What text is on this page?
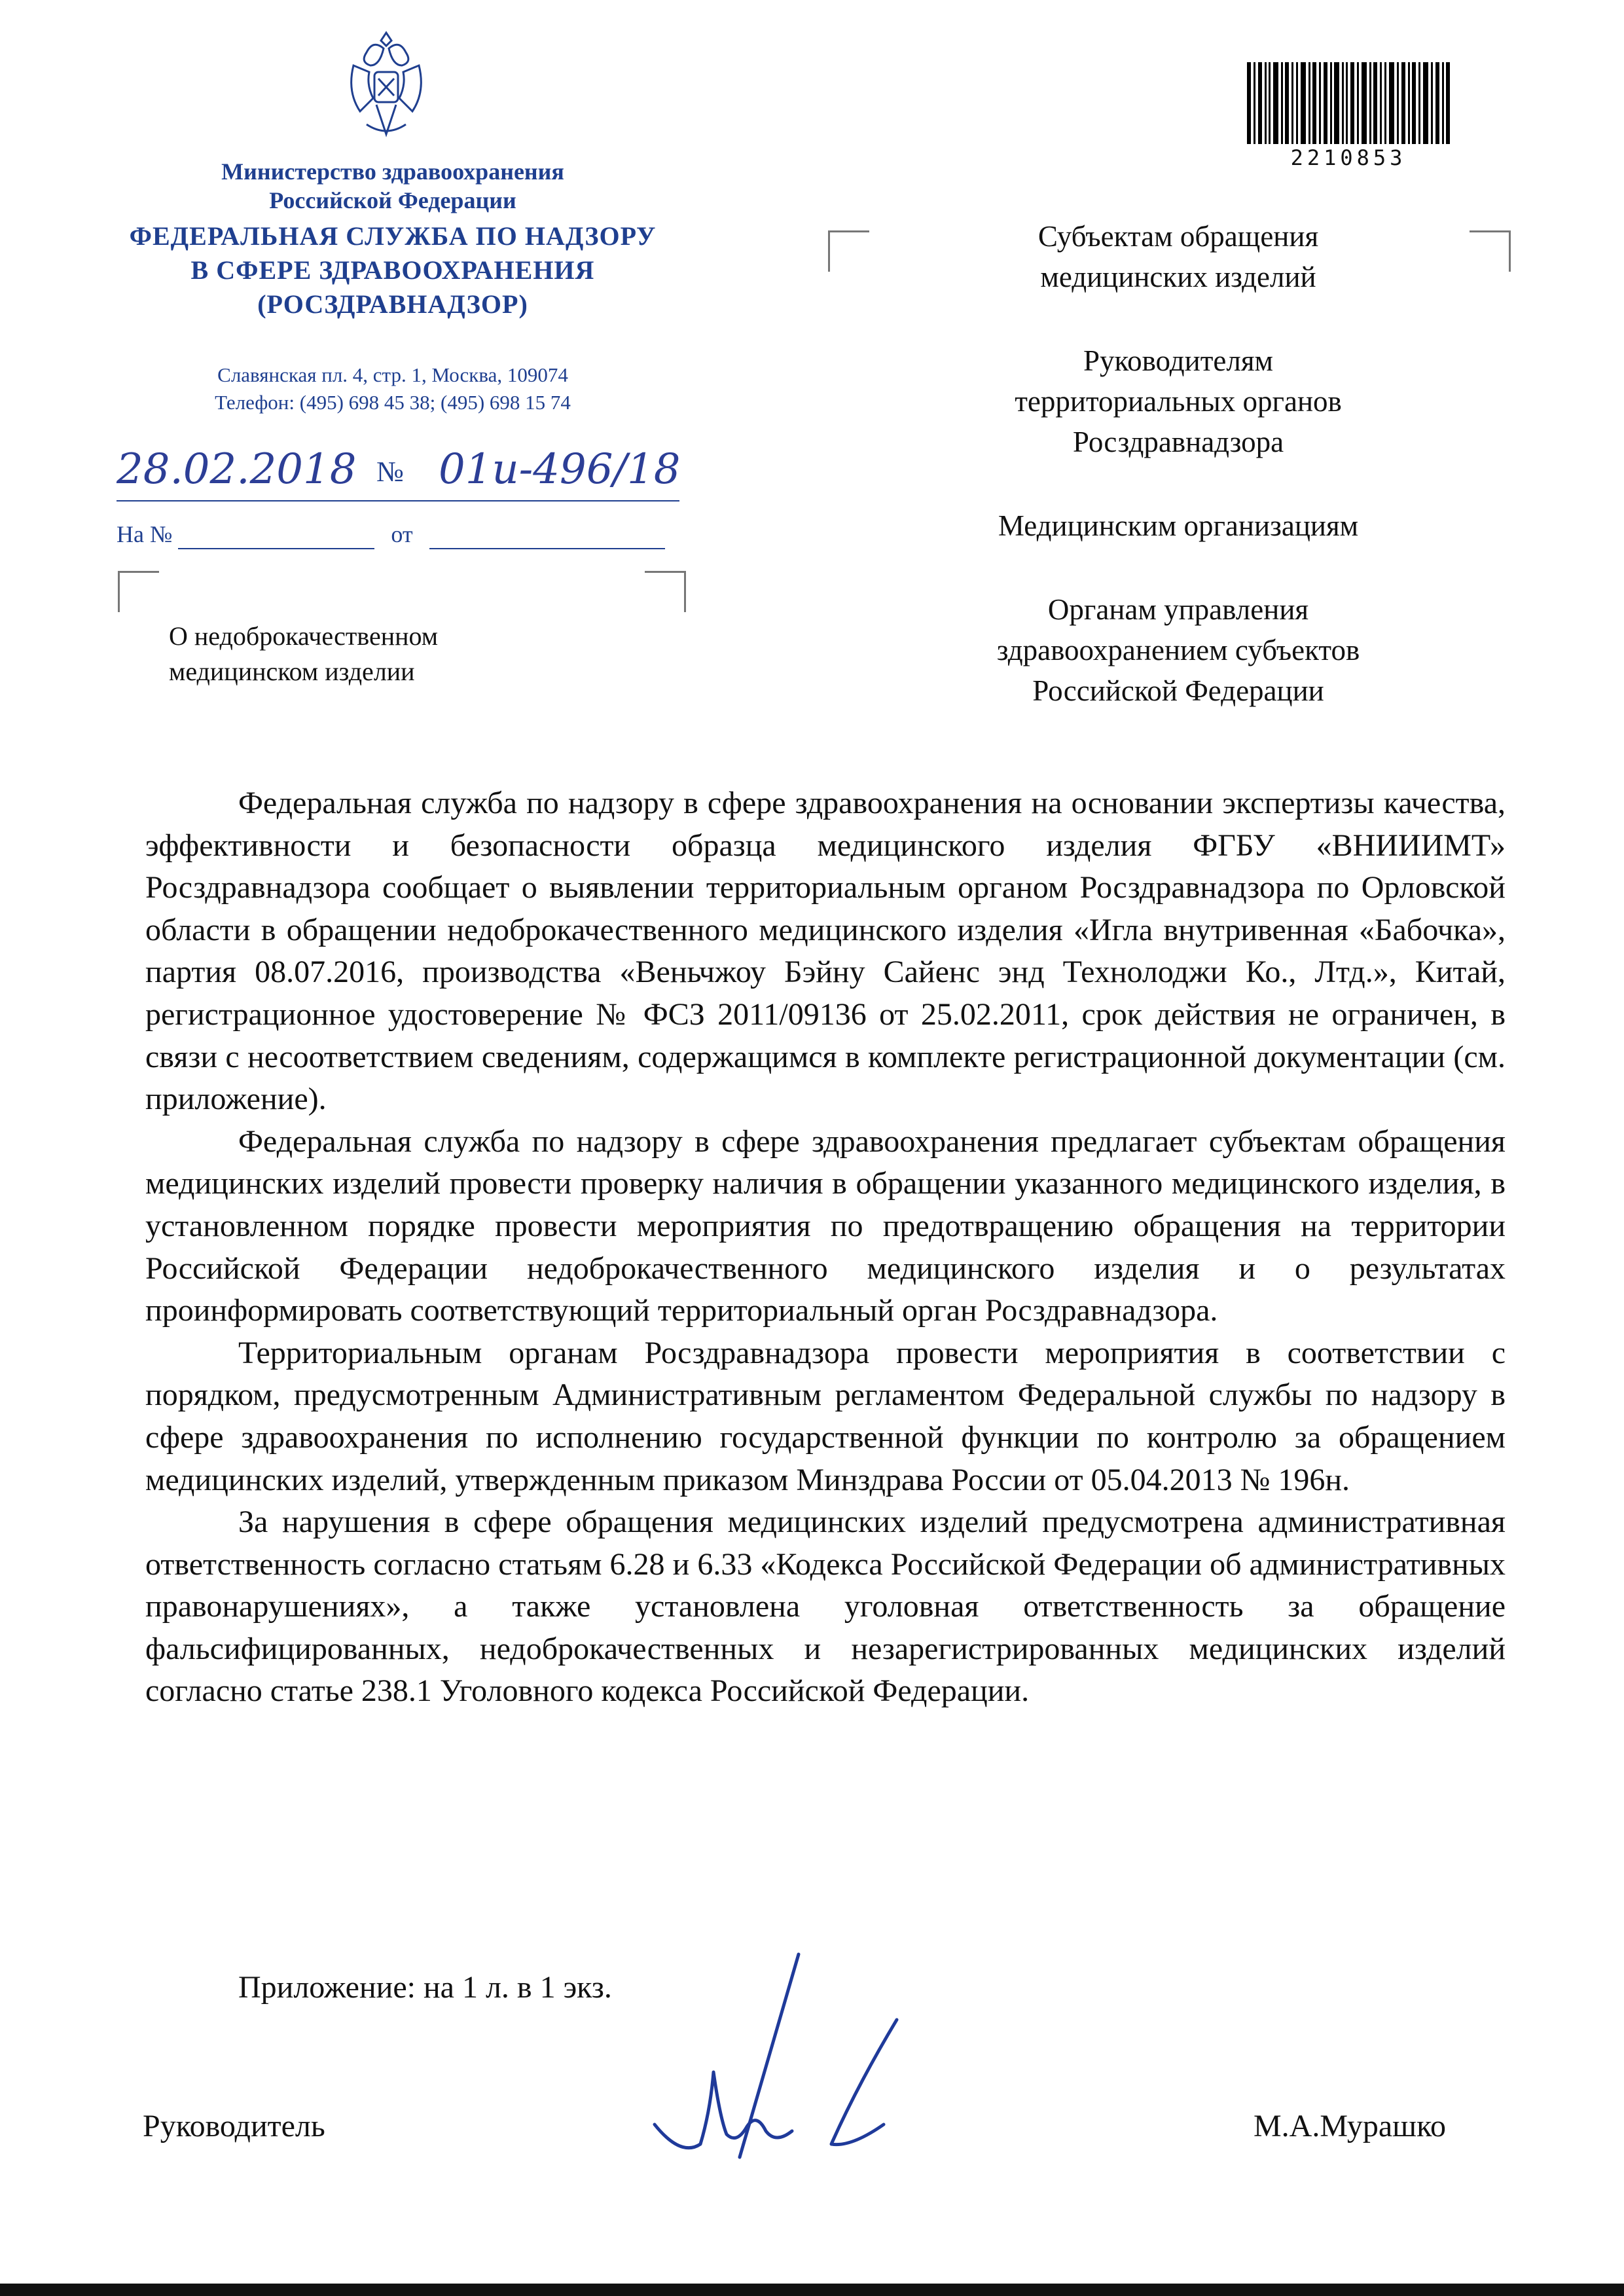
Министерство здравоохранения
Российской Федерации
ФЕДЕРАЛЬНАЯ СЛУЖБА ПО НАДЗОРУ
В СФЕРЕ ЗДРАВООХРАНЕНИЯ
(РОСЗДРАВНАДЗОР)
Славянская пл. 4, стр. 1, Москва, 109074
Телефон: (495) 698 45 38; (495) 698 15 74
28.02.2018 № 01и-496/18
На №	от
О недоброкачественном
медицинском изделии
2210853
Субъектам обращения
медицинских изделий
Руководителям
территориальных органов
Росздравнадзора
Медицинским организациям
Органам управления
здравоохранением субъектов
Российской Федерации

Федеральная служба по надзору в сфере здравоохранения на основании экспертизы качества, эффективности и безопасности образца медицинского изделия ФГБУ «ВНИИИМТ» Росздравнадзора сообщает о выявлении территориальным органом Росздравнадзора по Орловской области в обращении недоброкачественного медицинского изделия «Игла внутривенная «Бабочка», партия 08.07.2016, производства «Веньчжоу Бэйну Сайенс энд Технолоджи Ко., Лтд.», Китай, регистрационное удостоверение № ФСЗ 2011/09136 от 25.02.2011, срок действия не ограничен, в связи с несоответствием сведениям, содержащимся в комплекте регистрационной документации (см. приложение).

Федеральная служба по надзору в сфере здравоохранения предлагает субъектам обращения медицинских изделий провести проверку наличия в обращении указанного медицинского изделия, в установленном порядке провести мероприятия по предотвращению обращения на территории Российской Федерации недоброкачественного медицинского изделия и о результатах проинформировать соответствующий территориальный орган Росздравнадзора.

Территориальным органам Росздравнадзора провести мероприятия в соответствии с порядком, предусмотренным Административным регламентом Федеральной службы по надзору в сфере здравоохранения по исполнению государственной функции по контролю за обращением медицинских изделий, утвержденным приказом Минздрава России от 05.04.2013 № 196н.

За нарушения в сфере обращения медицинских изделий предусмотрена административная ответственность согласно статьям 6.28 и 6.33 «Кодекса Российской Федерации об административных правонарушениях», а также установлена уголовная ответственность за обращение фальсифицированных, недоброкачественных и незарегистрированных медицинских изделий согласно статье 238.1 Уголовного кодекса Российской Федерации.

Приложение: на 1 л. в 1 экз.
Руководитель	М.А.Мурашко
